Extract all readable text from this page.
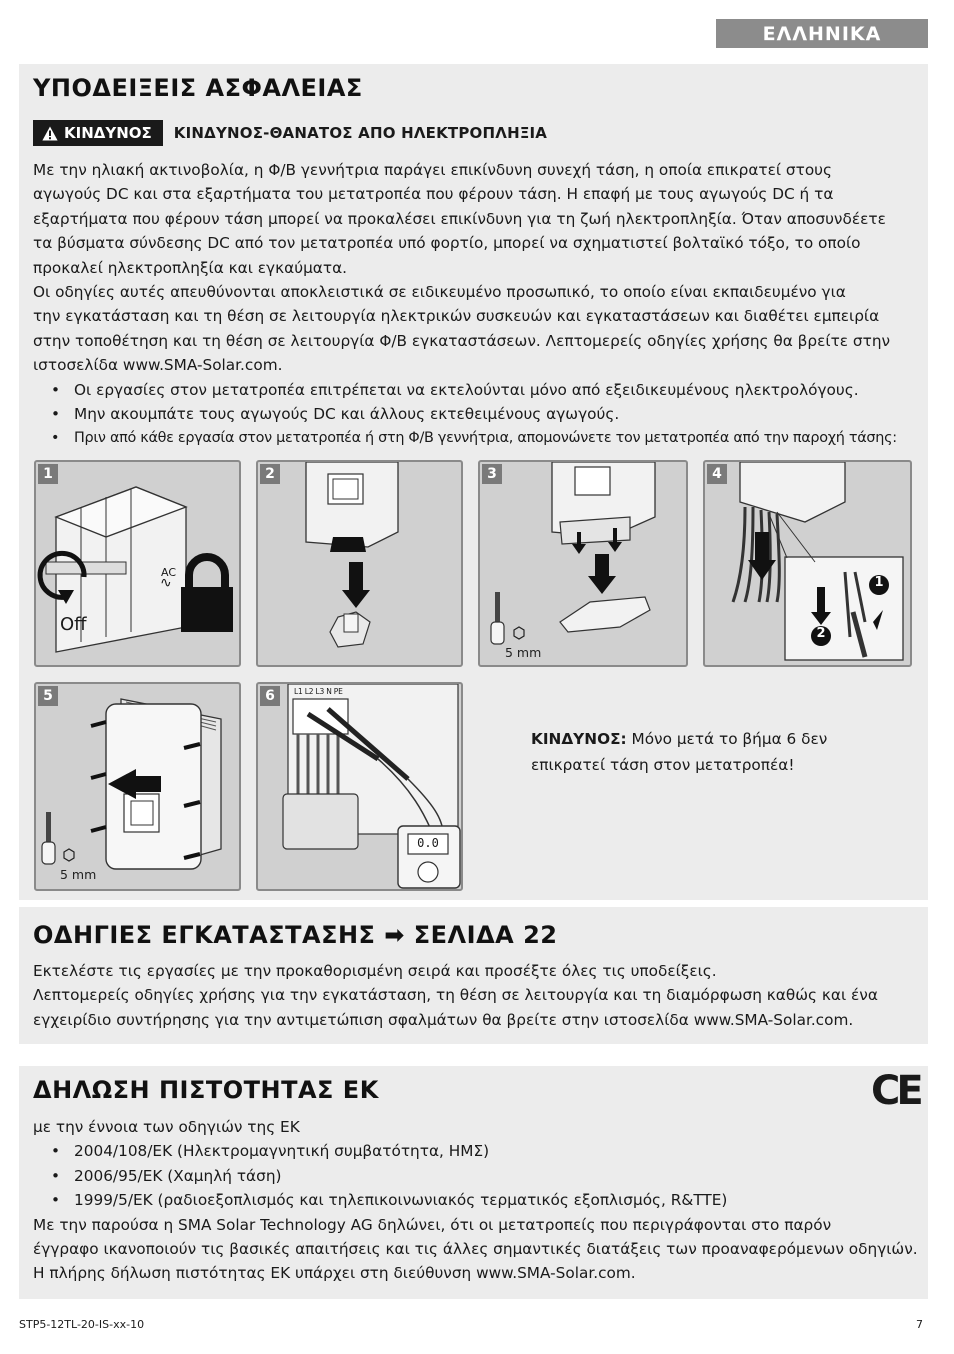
ΕΛΛΗΝΙΚΑ
ΥΠΟΔΕΙΞΕΙΣ ΑΣΦΑΛΕΙΑΣ
ΚΙΝΔΥΝΟΣ ΚΙΝΔΥΝΟΣ-ΘΑΝΑΤΟΣ ΑΠΟ ΗΛΕΚΤΡΟΠΛΗΞΙΑ

Με την ηλιακή ακτινοβολία, η Φ/Β γεννήτρια παράγει επικίνδυνη συνεχή τάση, η οποία επικρατεί στους

αγωγούς DC και στα εξαρτήματα του μετατροπέα που φέρουν τάση. Η επαφή με τους αγωγούς DC ή τα

εξαρτήματα που φέρουν τάση μπορεί να προκαλέσει επικίνδυνη για τη ζωή ηλεκτροπληξία. Όταν αποσυνδέετε

τα βύσματα σύνδεσης DC από τον μετατροπέα υπό φορτίο, μπορεί να σχηματιστεί βολταϊκό τόξο, το οποίο

προκαλεί ηλεκτροπληξία και εγκαύματα.

Οι οδηγίες αυτές απευθύνονται αποκλειστικά σε ειδικευμένο προσωπικό, το οποίο είναι εκπαιδευμένο για

την εγκατάσταση και τη θέση σε λειτουργία ηλεκτρικών συσκευών και εγκαταστάσεων και διαθέτει εμπειρία

στην τοποθέτηση και τη θέση σε λειτουργία Φ/Β εγκαταστάσεων. Λεπτομερείς οδηγίες χρήσης θα βρείτε στην

ιστοσελίδα www.SMA-Solar.com.

• Οι εργασίες στον μετατροπέα επιτρέπεται να εκτελούνται μόνο από εξειδικευμένους ηλεκτρολόγους.
• Μην ακουμπάτε τους αγωγούς DC και άλλους εκτεθειμένους αγωγούς.
• Πριν από κάθε εργασία στον μετατροπέα ή στη Φ/Β γεννήτρια, απομονώνετε τον μετατροπέα από την παροχή τάσης:
1
AC
∿
Off
2	3
5 mm
4
1
2
5
5 mm
6	L1 L2 L3 N PE
0.0
ΚΙΝΔΥΝΟΣ: Μόνο μετά το βήμα 6 δεν
επικρατεί τάση στον μετατροπέα!
ΟΔΗΓΙΕΣ ΕΓΚΑΤΑΣΤΑΣΗΣ ➡ ΣΕΛΙΔΑ 22

Εκτελέστε τις εργασίες με την προκαθορισμένη σειρά και προσέξτε όλες τις υποδείξεις.

Λεπτομερείς οδηγίες χρήσης για την εγκατάσταση, τη θέση σε λειτουργία και τη διαμόρφωση καθώς και ένα

εγχειρίδιο συντήρησης για την αντιμετώπιση σφαλμάτων θα βρείτε στην ιστοσελίδα www.SMA-Solar.com.

ΔΗΛΩΣΗ ΠΙΣΤΟΤΗΤΑΣ ΕΚ	CE

με την έννοια των οδηγιών της ΕΚ

• 2004/108/ΕΚ (Ηλεκτρομαγνητική συμβατότητα, ΗΜΣ)
• 2006/95/ΕΚ (Χαμηλή τάση)
• 1999/5/ΕΚ (ραδιοεξοπλισμός και τηλεπικοινωνιακός τερματικός εξοπλισμός, R&TTE)

Με την παρούσα η SMA Solar Technology AG δηλώνει, ότι οι μετατροπείς που περιγράφονται στο παρόν

έγγραφο ικανοποιούν τις βασικές απαιτήσεις και τις άλλες σημαντικές διατάξεις των προαναφερόμενων οδηγιών.

Η πλήρης δήλωση πιστότητας ΕΚ υπάρχει στη διεύθυνση www.SMA-Solar.com.

STP5-12TL-20-IS-xx-10	7
